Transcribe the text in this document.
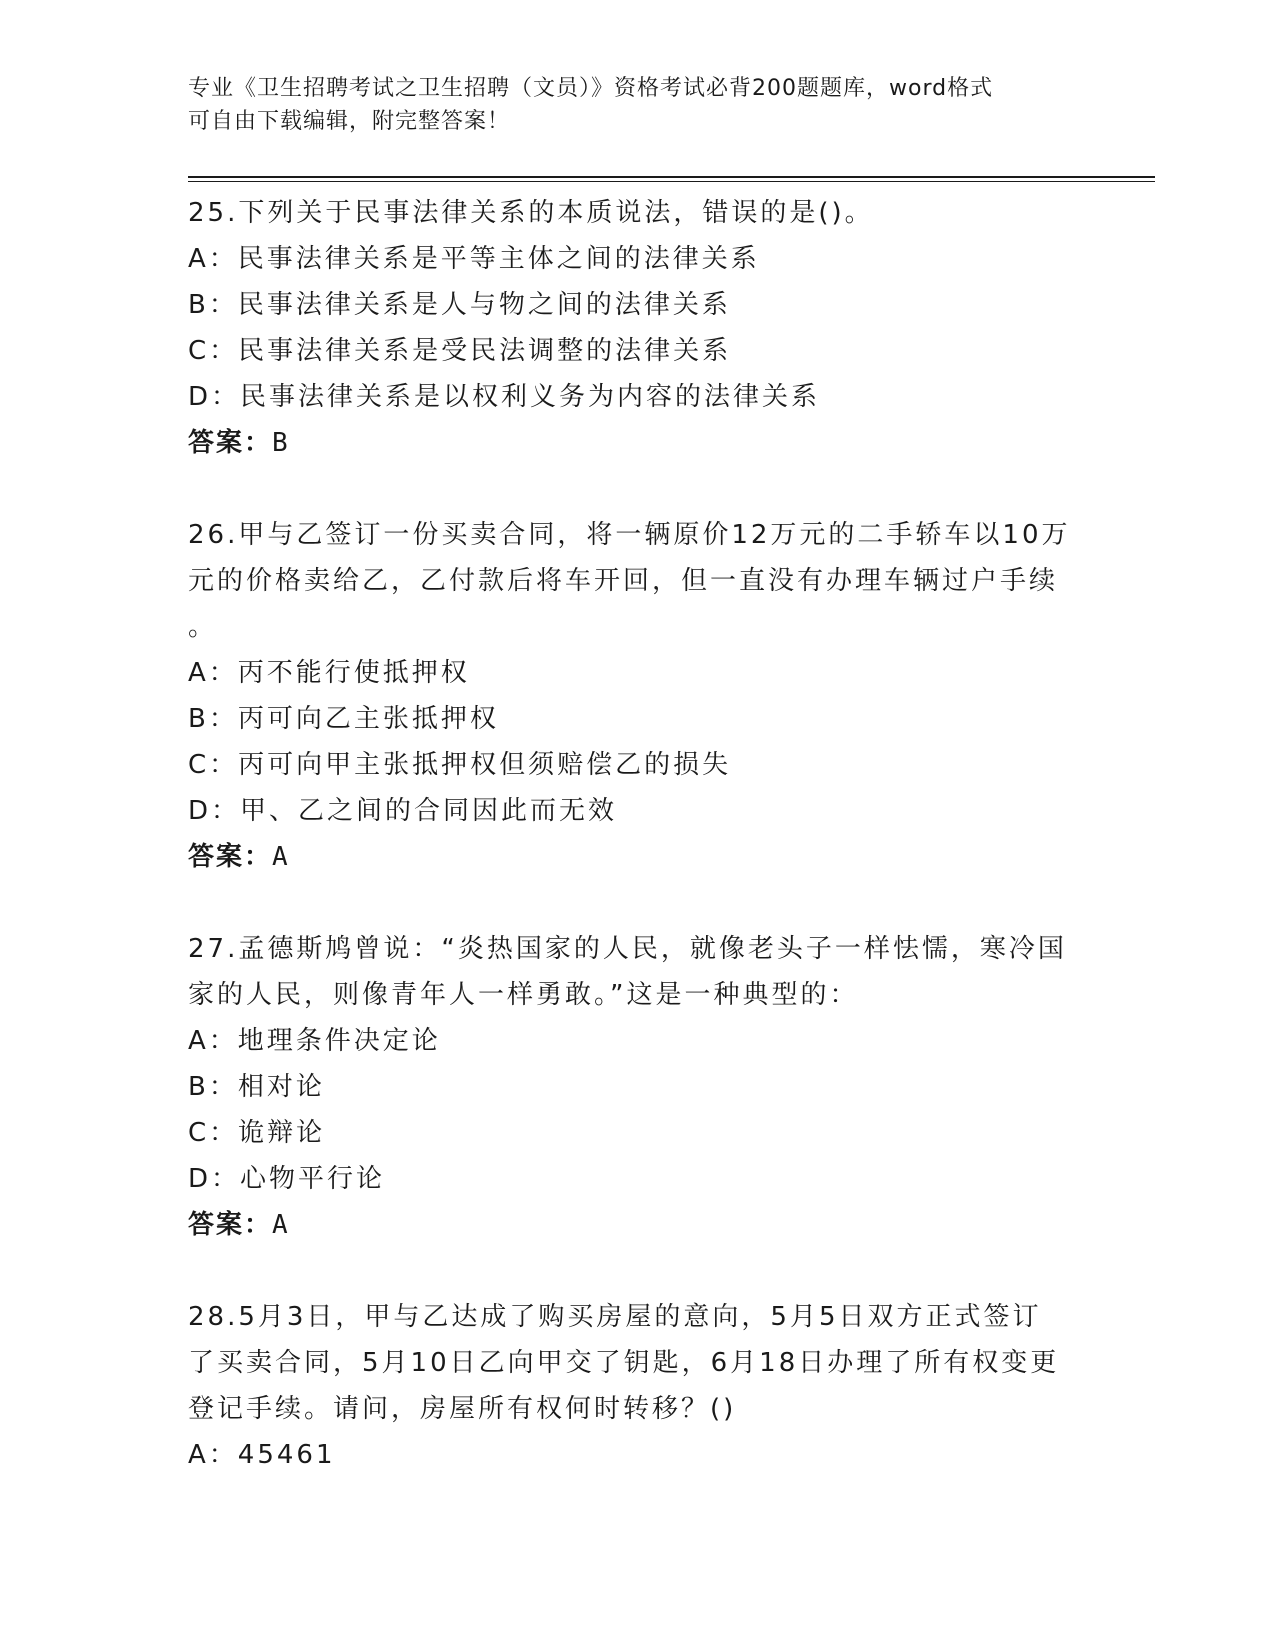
专业《卫生招聘考试之卫生招聘（文员）》资格考试必背200题题库，word格式
可自由下载编辑，附完整答案！
25.下列关于民事法律关系的本质说法，错误的是()。
A：民事法律关系是平等主体之间的法律关系
B：民事法律关系是人与物之间的法律关系
C：民事法律关系是受民法调整的法律关系
D：民事法律关系是以权利义务为内容的法律关系
答案：B
26.甲与乙签订一份买卖合同，将一辆原价12万元的二手轿车以10万
元的价格卖给乙，乙付款后将车开回，但一直没有办理车辆过户手续
。
A：丙不能行使抵押权
B：丙可向乙主张抵押权
C：丙可向甲主张抵押权但须赔偿乙的损失
D：甲、乙之间的合同因此而无效
答案：A
27.孟德斯鸠曾说：“炎热国家的人民，就像老头子一样怯懦，寒冷国
家的人民，则像青年人一样勇敢。”这是一种典型的：
A：地理条件决定论
B：相对论
C：诡辩论
D：心物平行论
答案：A
28.5月3日，甲与乙达成了购买房屋的意向，5月5日双方正式签订
了买卖合同，5月10日乙向甲交了钥匙，6月18日办理了所有权变更
登记手续。请问，房屋所有权何时转移？()
A：45461
